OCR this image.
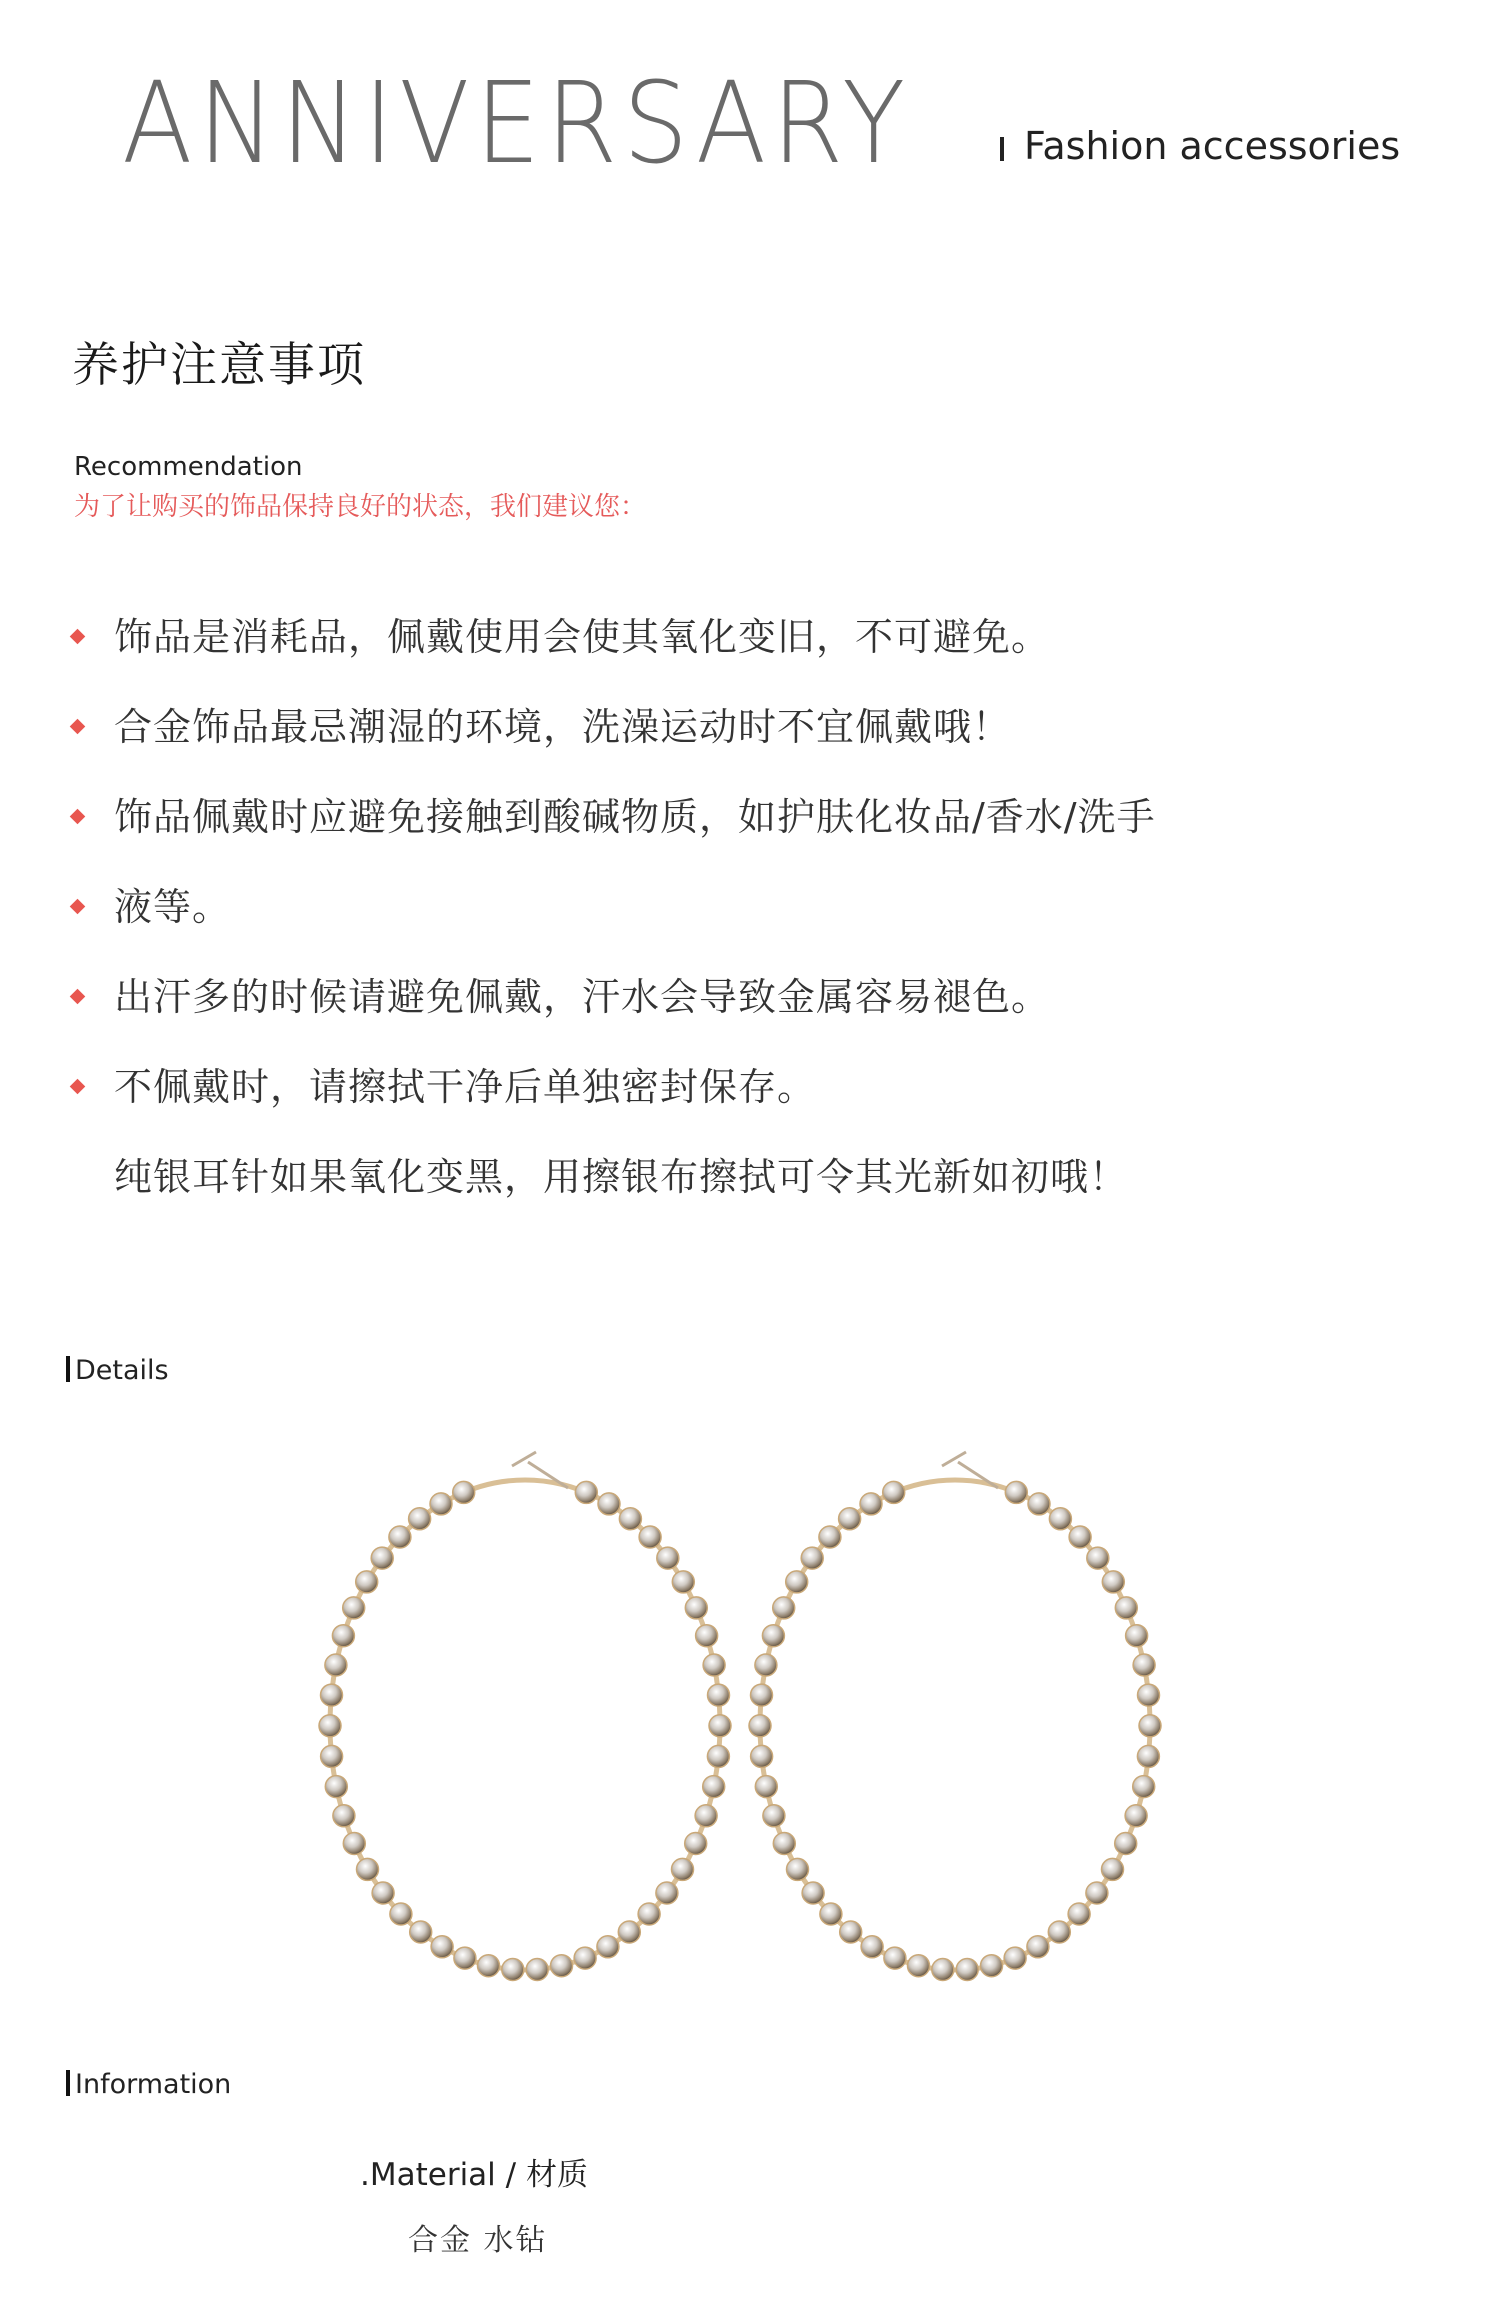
ANNIVERSARY	Fashion accessories
养护注意事项
Recommendation
为了让购买的饰品保持良好的状态，我们建议您：
饰品是消耗品，佩戴使用会使其氧化变旧，不可避免。
合金饰品最忌潮湿的环境，洗澡运动时不宜佩戴哦！
饰品佩戴时应避免接触到酸碱物质，如护肤化妆品/香水/洗手
液等。
出汗多的时候请避免佩戴，汗水会导致金属容易褪色。
不佩戴时，请擦拭干净后单独密封保存。
纯银耳针如果氧化变黑，用擦银布擦拭可令其光新如初哦！
Details
Information
.Material / 材质
合金 水钻
